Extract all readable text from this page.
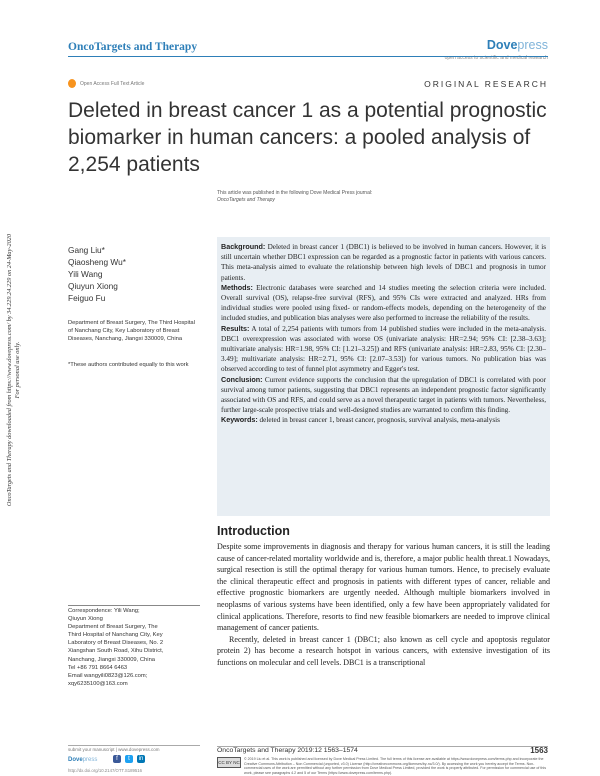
OncoTargets and Therapy	Dovepress
open access to scientific and medical research
Open Access Full Text Article	ORIGINAL RESEARCH
Deleted in breast cancer 1 as a potential prognostic
biomarker in human cancers: a pooled analysis of
2,254 patients
OncoTargets and Therapy downloaded from https://www.dovepress.com/ by 34.229.24.229 on 24-May-2020 For personal use only.
This article was published in the following Dove Medical Press journal:
OncoTargets and Therapy
Gang Liu*
Qiaosheng Wu*
Yili Wang
Qiuyun Xiong
Feiguo Fu
Department of Breast Surgery, The Third Hospital of Nanchang City, Key Laboratory of Breast Diseases, Nanchang, Jiangxi 330009, China
*These authors contributed equally to this work

Background: Deleted in breast cancer 1 (DBC1) is believed to be involved in human cancers. However, it is still uncertain whether DBC1 expression can be regarded as a prognostic factor in patients with various cancers. This meta-analysis aimed to evaluate the relationship between high levels of DBC1 and prognosis in tumor patients.

Methods: Electronic databases were searched and 14 studies meeting the selection criteria were included. Overall survival (OS), relapse-free survival (RFS), and 95% CIs were extracted and analyzed. HRs from individual studies were pooled using fixed- or random-effects models, depending on the heterogeneity of the included studies, and publication bias analyses were also performed to increase the reliability of the results.

Results: A total of 2,254 patients with tumors from 14 published studies were included in the meta-analysis. DBC1 overexpression was associated with worse OS (univariate analysis: HR=2.94; 95% CI: [2.38–3.63]; multivariate analysis: HR=1.98, 95% CI: [1.21–3.25]) and RFS (univariate analysis: HR=2.83, 95% CI: [2.30–3.49]; multivariate analysis: HR=2.71, 95% CI: [2.07–3.53]) for various tumors. No publication bias was observed according to test of funnel plot asymmetry and Egger's test.

Conclusion: Current evidence supports the conclusion that the upregulation of DBC1 is correlated with poor survival among tumor patients, suggesting that DBC1 represents an independent prognostic factor significantly associated with OS and RFS, and could serve as a novel therapeutic target in patients with tumors. Nevertheless, further large-scale prospective trials and well-designed studies are warranted to confirm this finding.

Keywords: deleted in breast cancer 1, breast cancer, prognosis, survival analysis, meta-analysis

Introduction

Despite some improvements in diagnosis and therapy for various human cancers, it is still the leading cause of cancer-related mortality worldwide and is, therefore, a major public health threat.1 Nowadays, surgical resection is still the optimal therapy for various human tumors. Hence, to precisely evaluate the clinical therapeutic effect and prognosis in patients with different types of cancer, reliable and effective prognostic biomarkers are urgently needed. Although multiple biomarkers involved in neoplasms of various systems have been identified, only a few have been appropriately validated for clinical applications. Therefore, resorts to find new feasible biomarkers are needed to improve clinical management of cancer patients.

Recently, deleted in breast cancer 1 (DBC1; also known as cell cycle and apoptosis regulator protein 2) has become a research hotspot in various cancers, with extensive investigation of its functions on molecular and cell levels. DBC1 is a transcriptional

Correspondence: Yili Wang;
Qiuyun Xiong
Department of Breast Surgery, The
Third Hospital of Nanchang City, Key
Laboratory of Breast Diseases, No. 2
Xiangshan South Road, Xihu District,
Nanchang, Jiangxi 330009, China
Tel +86 791 8664 6463
Email wangyili0823@126.com;
xqy6235100@163.com
submit your manuscript | www.dovepress.com
Dovepress	f	t	in
http://dx.doi.org/10.2147/OTT.S189516
OncoTargets and Therapy 2019:12 1563–1574	1563
CC BY NC
© 2019 Liu et al. This work is published and licensed by Dove Medical Press Limited. The full terms of this license are available at https://www.dovepress.com/terms.php and incorporate the Creative Commons Attribution – Non Commercial (unported, v3.0) License (http://creativecommons.org/licenses/by-nc/3.0/). By accessing the work you hereby accept the Terms. Non-commercial uses of the work are permitted without any further permission from Dove Medical Press Limited, provided the work is properly attributed. For permission for commercial use of this work, please see paragraphs 4.2 and 5 of our Terms (https://www.dovepress.com/terms.php).
